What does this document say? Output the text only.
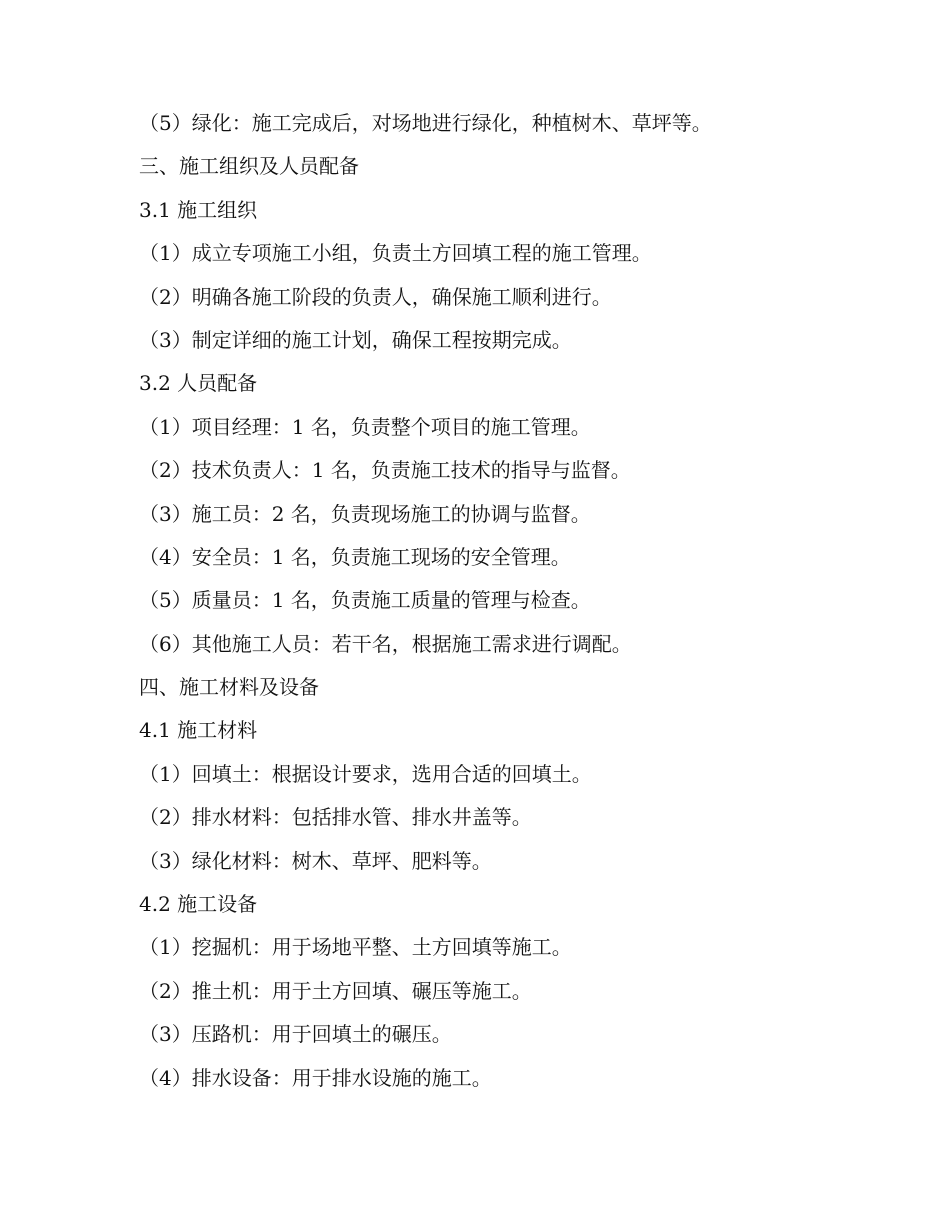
（5）绿化：施工完成后，对场地进行绿化，种植树木、草坪等。
三、施工组织及人员配备
3.1 施工组织
（1）成立专项施工小组，负责土方回填工程的施工管理。
（2）明确各施工阶段的负责人，确保施工顺利进行。
（3）制定详细的施工计划，确保工程按期完成。
3.2 人员配备
（1）项目经理：1 名，负责整个项目的施工管理。
（2）技术负责人：1 名，负责施工技术的指导与监督。
（3）施工员：2 名，负责现场施工的协调与监督。
（4）安全员：1 名，负责施工现场的安全管理。
（5）质量员：1 名，负责施工质量的管理与检查。
（6）其他施工人员：若干名，根据施工需求进行调配。
四、施工材料及设备
4.1 施工材料
（1）回填土：根据设计要求，选用合适的回填土。
（2）排水材料：包括排水管、排水井盖等。
（3）绿化材料：树木、草坪、肥料等。
4.2 施工设备
（1）挖掘机：用于场地平整、土方回填等施工。
（2）推土机：用于土方回填、碾压等施工。
（3）压路机：用于回填土的碾压。
（4）排水设备：用于排水设施的施工。
